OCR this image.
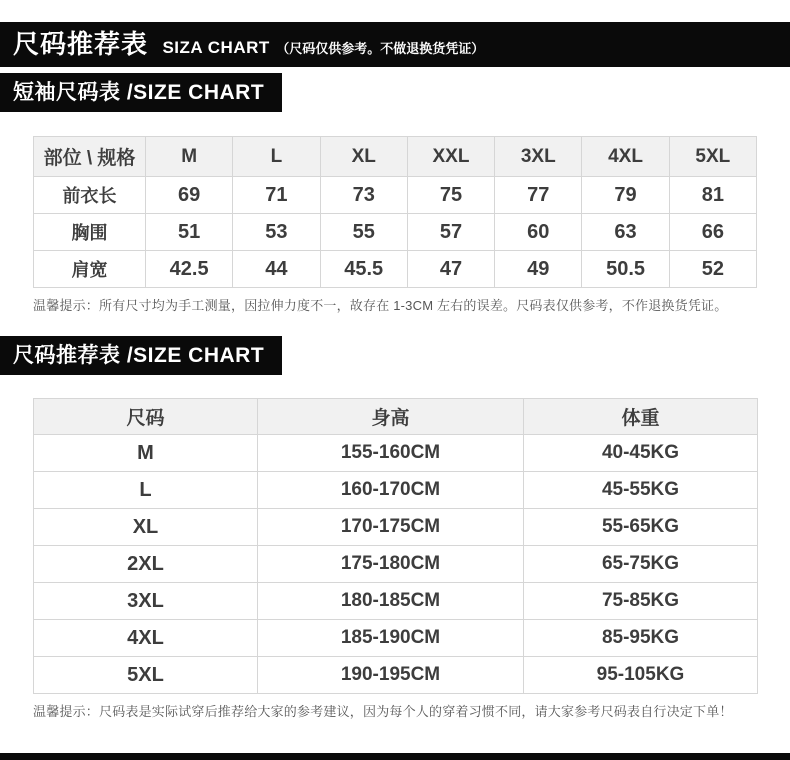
尺码推荐表 SIZA CHART （尺码仅供参考。不做退换货凭证）
短袖尺码表 /SIZE CHART
部位 \ 规格	M	L	XL	XXL	3XL	4XL	5XL
前衣长	69	71	73	75	77	79	81
胸围	51	53	55	57	60	63	66
肩宽	42.5	44	45.5	47	49	50.5	52

温馨提示：所有尺寸均为手工测量，因拉伸力度不一，故存在 1-3CM 左右的误差。尺码表仅供参考，不作退换货凭证。

尺码推荐表 /SIZE CHART
尺码	身高	体重
M	155-160CM	40-45KG
L	160-170CM	45-55KG
XL	170-175CM	55-65KG
2XL	175-180CM	65-75KG
3XL	180-185CM	75-85KG
4XL	185-190CM	85-95KG
5XL	190-195CM	95-105KG

温馨提示：尺码表是实际试穿后推荐给大家的参考建议，因为每个人的穿着习惯不同，请大家参考尺码表自行决定下单！
